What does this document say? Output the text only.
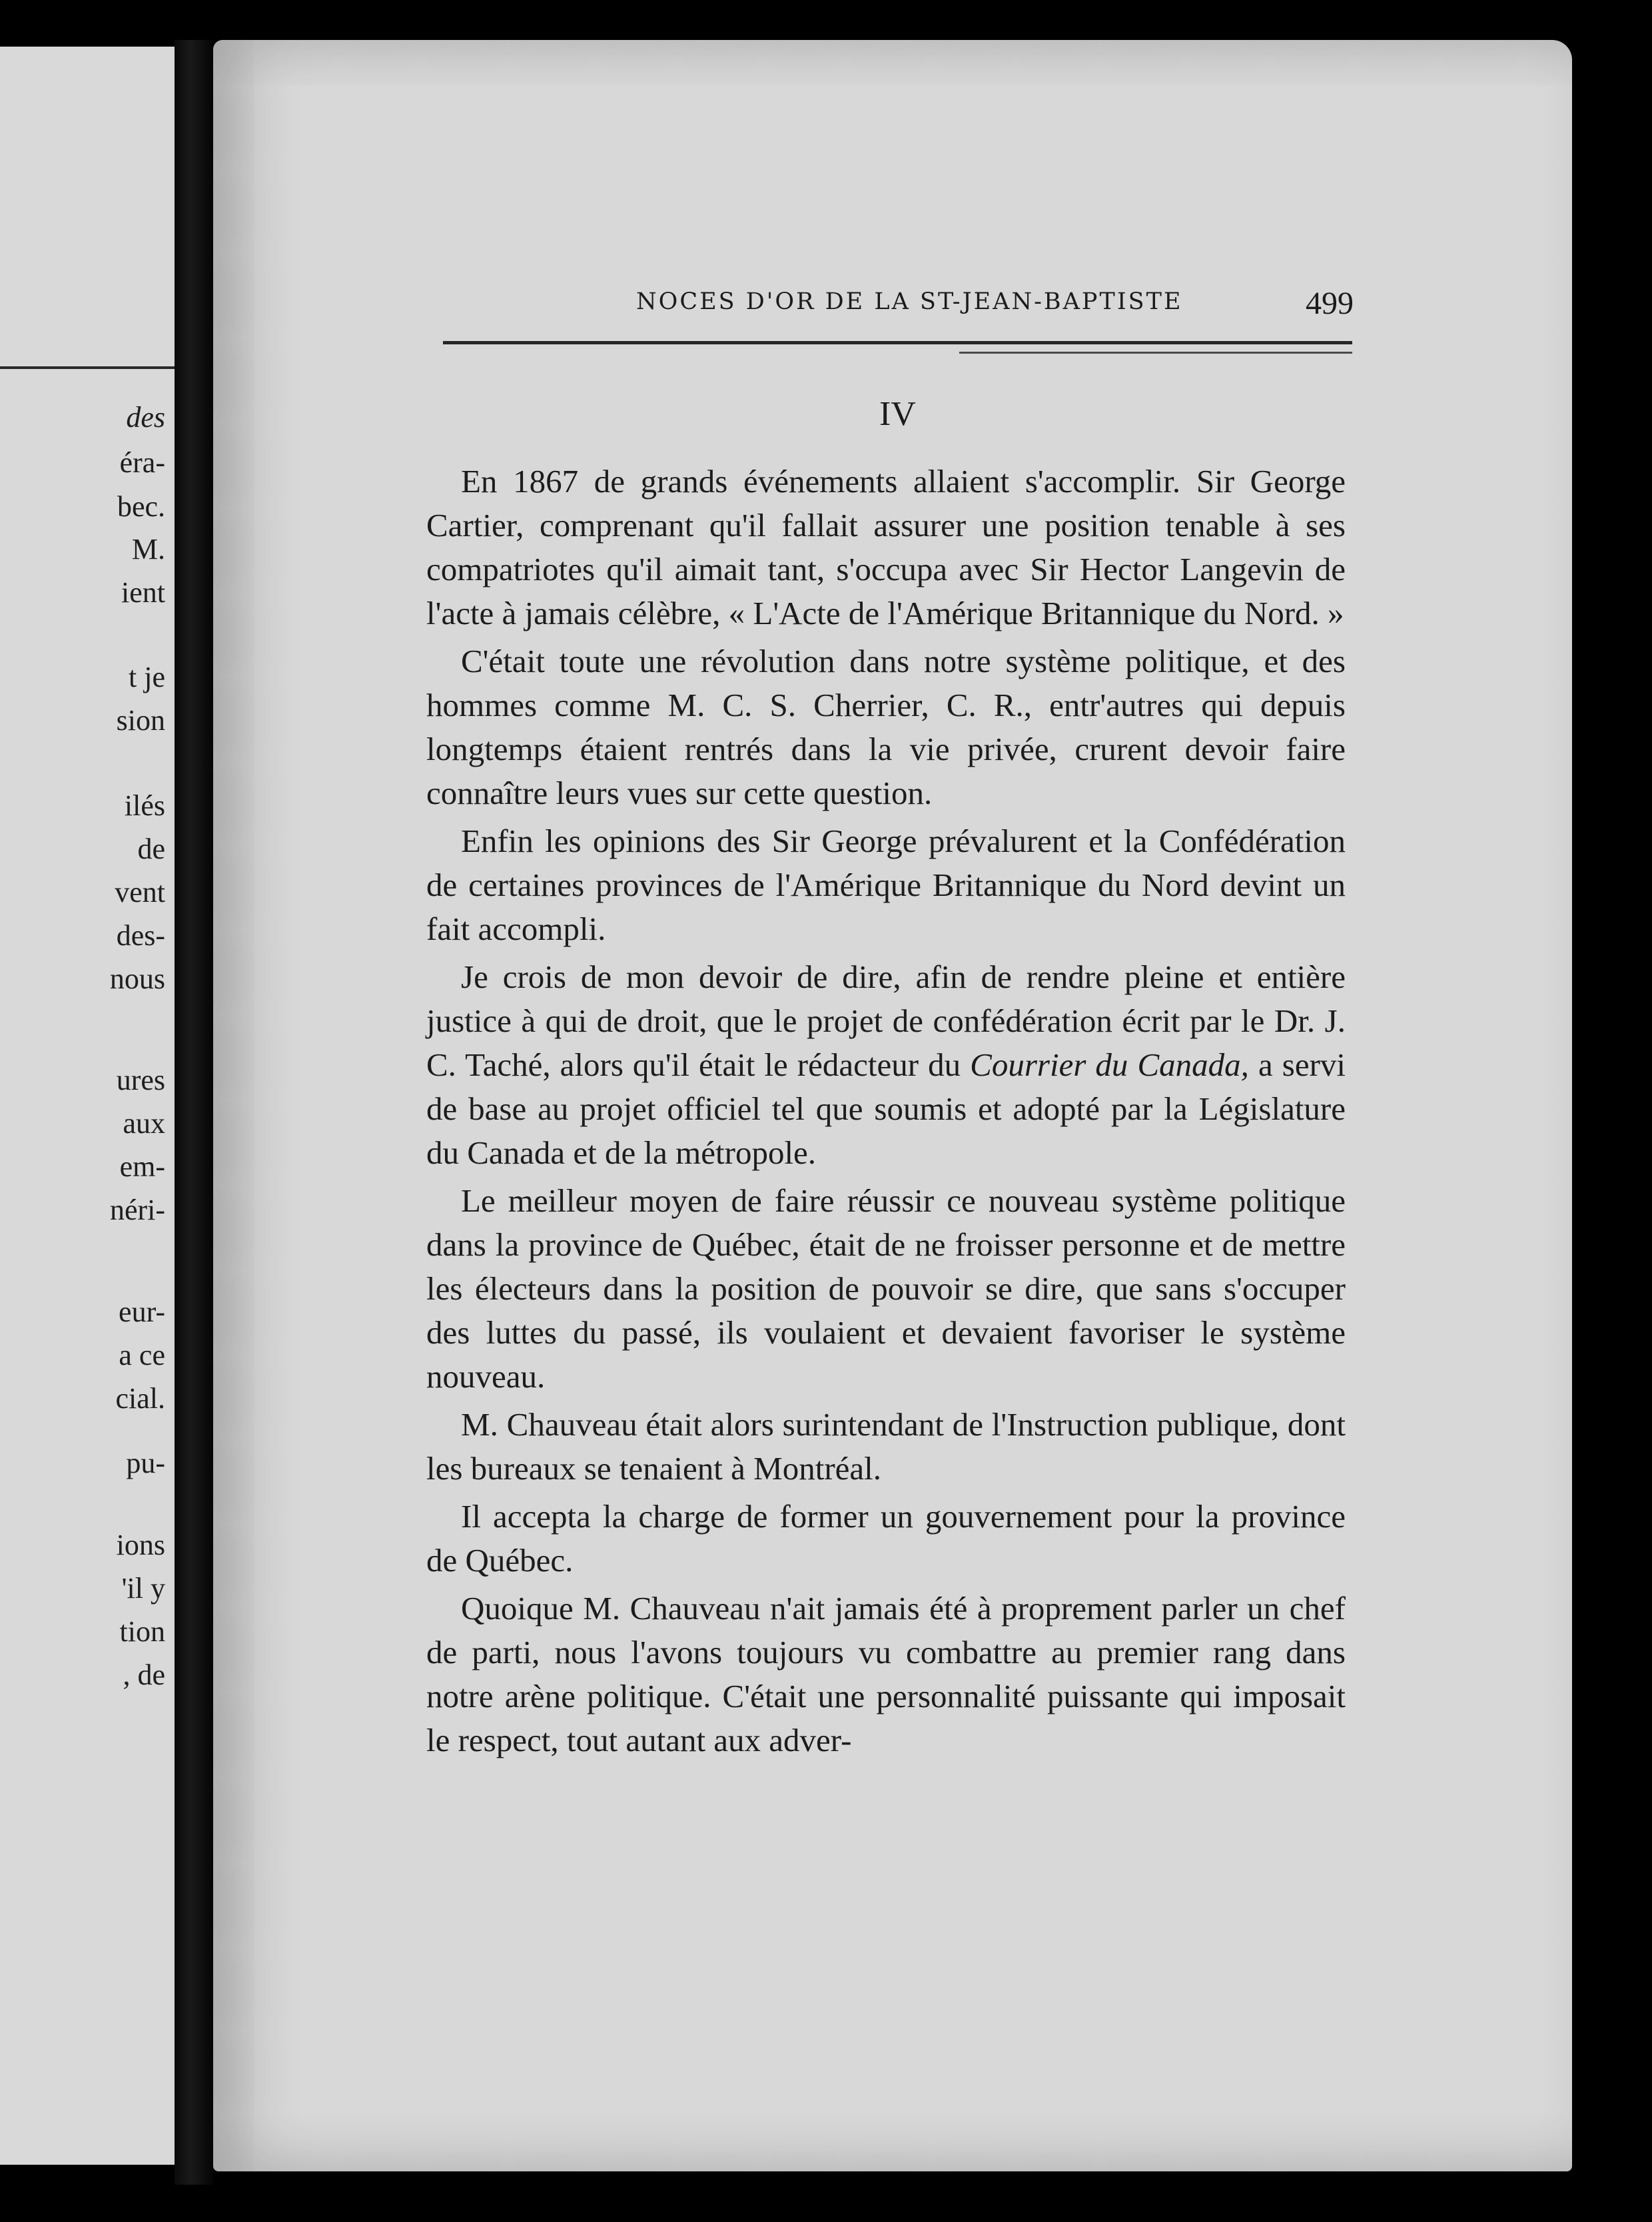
des
éra-
bec.
M.
ient
t je
sion
ilés
de
vent
des-
nous
ures
aux
em-
néri-
eur-
a ce
cial.
pu-
ions
'il y
tion
, de
NOCES D'OR DE LA ST-JEAN-BAPTISTE	499
IV

En 1867 de grands événements allaient s'accomplir. Sir George Cartier, comprenant qu'il fallait assurer une position tenable à ses compatriotes qu'il aimait tant, s'occupa avec Sir Hector Langevin de l'acte à jamais célèbre, « L'Acte de l'Amérique Britannique du Nord. »

C'était toute une révolution dans notre système politique, et des hommes comme M. C. S. Cherrier, C. R., entr'autres qui depuis longtemps étaient rentrés dans la vie privée, crurent devoir faire connaître leurs vues sur cette question.

Enfin les opinions des Sir George prévalurent et la Confédération de certaines provinces de l'Amérique Britannique du Nord devint un fait accompli.

Je crois de mon devoir de dire, afin de rendre pleine et entière justice à qui de droit, que le projet de confédération écrit par le Dr. J. C. Taché, alors qu'il était le rédacteur du Courrier du Canada, a servi de base au projet officiel tel que soumis et adopté par la Législature du Canada et de la métropole.

Le meilleur moyen de faire réussir ce nouveau système politique dans la province de Québec, était de ne froisser personne et de mettre les électeurs dans la position de pouvoir se dire, que sans s'occuper des luttes du passé, ils voulaient et devaient favoriser le système nouveau.

M. Chauveau était alors surintendant de l'Instruction publique, dont les bureaux se tenaient à Montréal.

Il accepta la charge de former un gouvernement pour la province de Québec.

Quoique M. Chauveau n'ait jamais été à proprement parler un chef de parti, nous l'avons toujours vu combattre au premier rang dans notre arène politique. C'était une personnalité puissante qui imposait le respect, tout autant aux adver-
